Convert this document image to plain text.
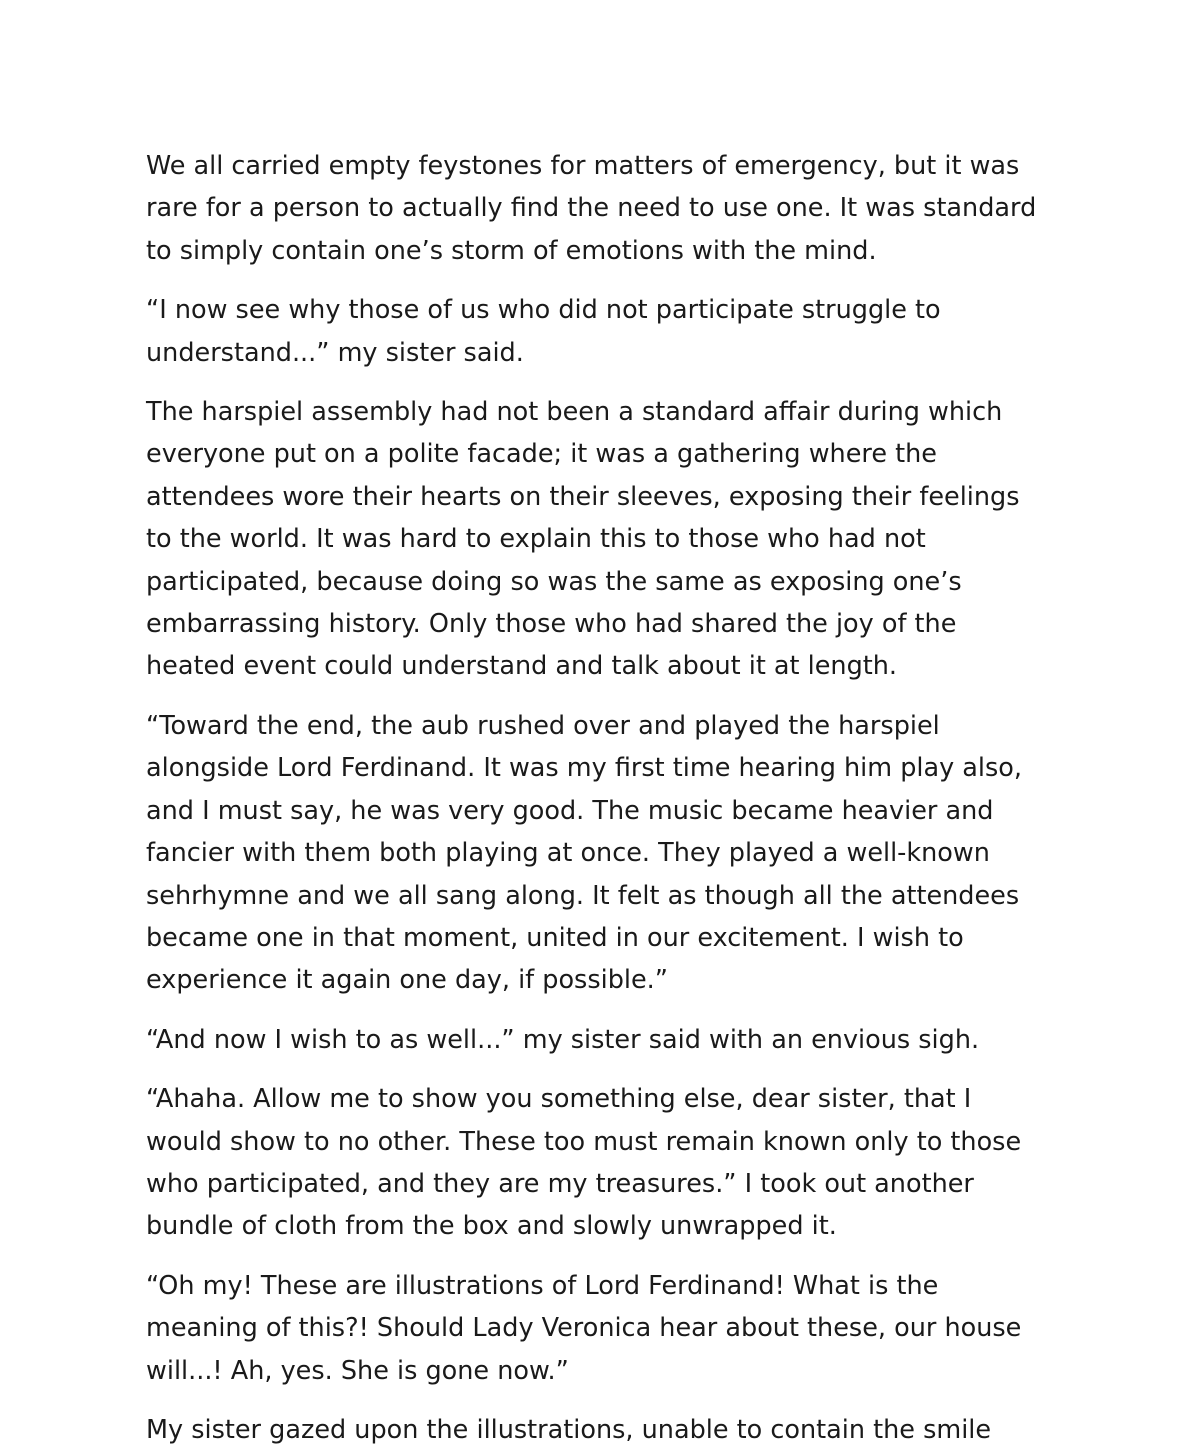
We all carried empty feystones for matters of emergency, but it was
rare for a person to actually find the need to use one. It was standard
to simply contain one’s storm of emotions with the mind.

“I now see why those of us who did not participate struggle to
understand...” my sister said.

The harspiel assembly had not been a standard affair during which
everyone put on a polite facade; it was a gathering where the
attendees wore their hearts on their sleeves, exposing their feelings
to the world. It was hard to explain this to those who had not
participated, because doing so was the same as exposing one’s
embarrassing history. Only those who had shared the joy of the
heated event could understand and talk about it at length.

“Toward the end, the aub rushed over and played the harspiel
alongside Lord Ferdinand. It was my first time hearing him play also,
and I must say, he was very good. The music became heavier and
fancier with them both playing at once. They played a well-known
sehrhymne and we all sang along. It felt as though all the attendees
became one in that moment, united in our excitement. I wish to
experience it again one day, if possible.”

“And now I wish to as well...” my sister said with an envious sigh.

“Ahaha. Allow me to show you something else, dear sister, that I
would show to no other. These too must remain known only to those
who participated, and they are my treasures.” I took out another
bundle of cloth from the box and slowly unwrapped it.

“Oh my! These are illustrations of Lord Ferdinand! What is the
meaning of this?! Should Lady Veronica hear about these, our house
will...! Ah, yes. She is gone now.”

My sister gazed upon the illustrations, unable to contain the smile
